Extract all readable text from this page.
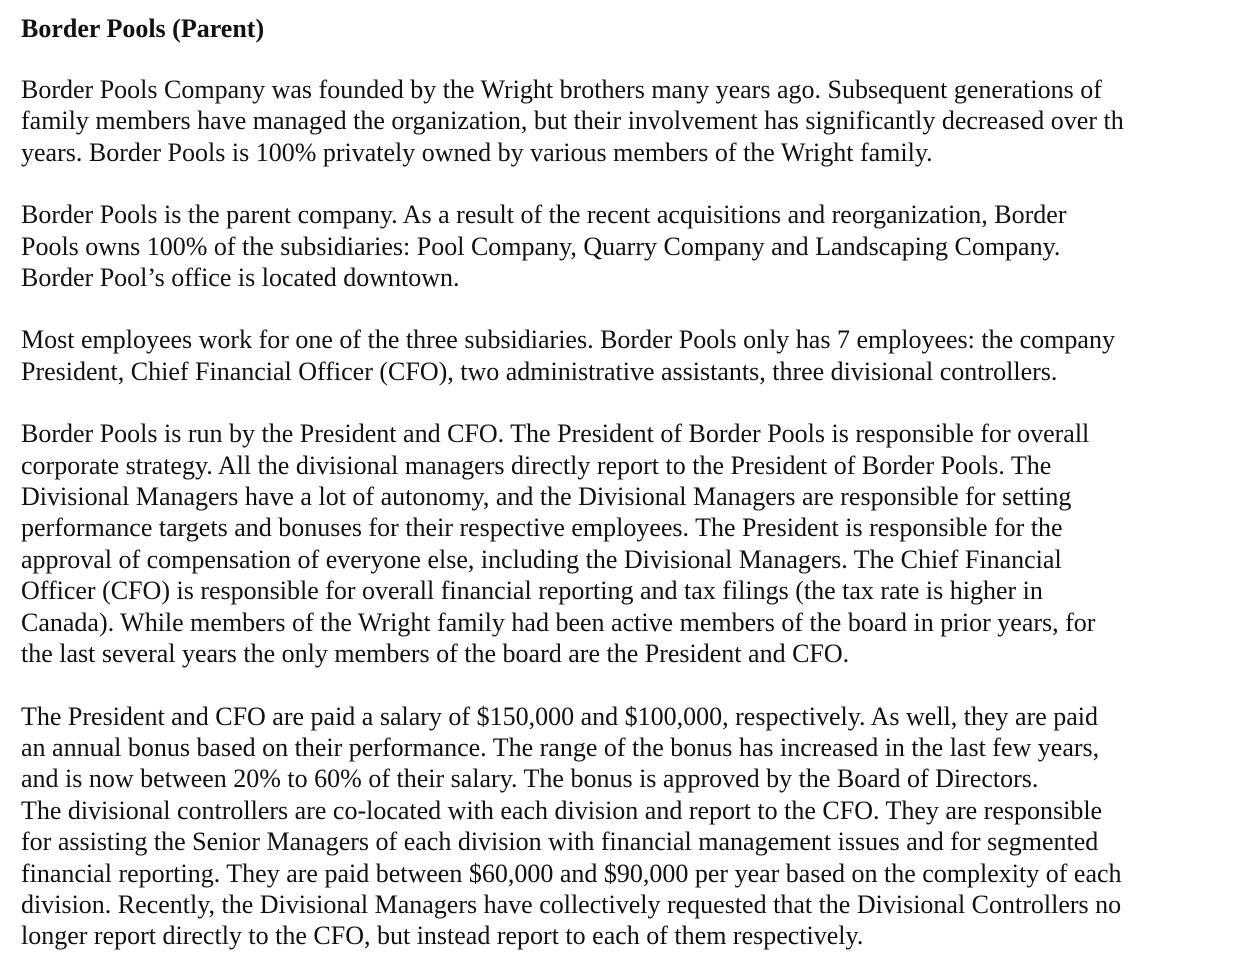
Border Pools (Parent)
Border Pools Company was founded by the Wright brothers many years ago. Subsequent generations of
family members have managed the organization, but their involvement has significantly decreased over th
years. Border Pools is 100% privately owned by various members of the Wright family.
Border Pools is the parent company. As a result of the recent acquisitions and reorganization, Border
Pools owns 100% of the subsidiaries: Pool Company, Quarry Company and Landscaping Company.
Border Pool’s office is located downtown.
Most employees work for one of the three subsidiaries. Border Pools only has 7 employees: the company
President, Chief Financial Officer (CFO), two administrative assistants, three divisional controllers.
Border Pools is run by the President and CFO. The President of Border Pools is responsible for overall
corporate strategy. All the divisional managers directly report to the President of Border Pools. The
Divisional Managers have a lot of autonomy, and the Divisional Managers are responsible for setting
performance targets and bonuses for their respective employees. The President is responsible for the
approval of compensation of everyone else, including the Divisional Managers. The Chief Financial
Officer (CFO) is responsible for overall financial reporting and tax filings (the tax rate is higher in
Canada). While members of the Wright family had been active members of the board in prior years, for
the last several years the only members of the board are the President and CFO.
The President and CFO are paid a salary of $150,000 and $100,000, respectively. As well, they are paid
an annual bonus based on their performance. The range of the bonus has increased in the last few years,
and is now between 20% to 60% of their salary. The bonus is approved by the Board of Directors.
The divisional controllers are co-located with each division and report to the CFO. They are responsible
for assisting the Senior Managers of each division with financial management issues and for segmented
financial reporting. They are paid between $60,000 and $90,000 per year based on the complexity of each
division. Recently, the Divisional Managers have collectively requested that the Divisional Controllers no
longer report directly to the CFO, but instead report to each of them respectively.
